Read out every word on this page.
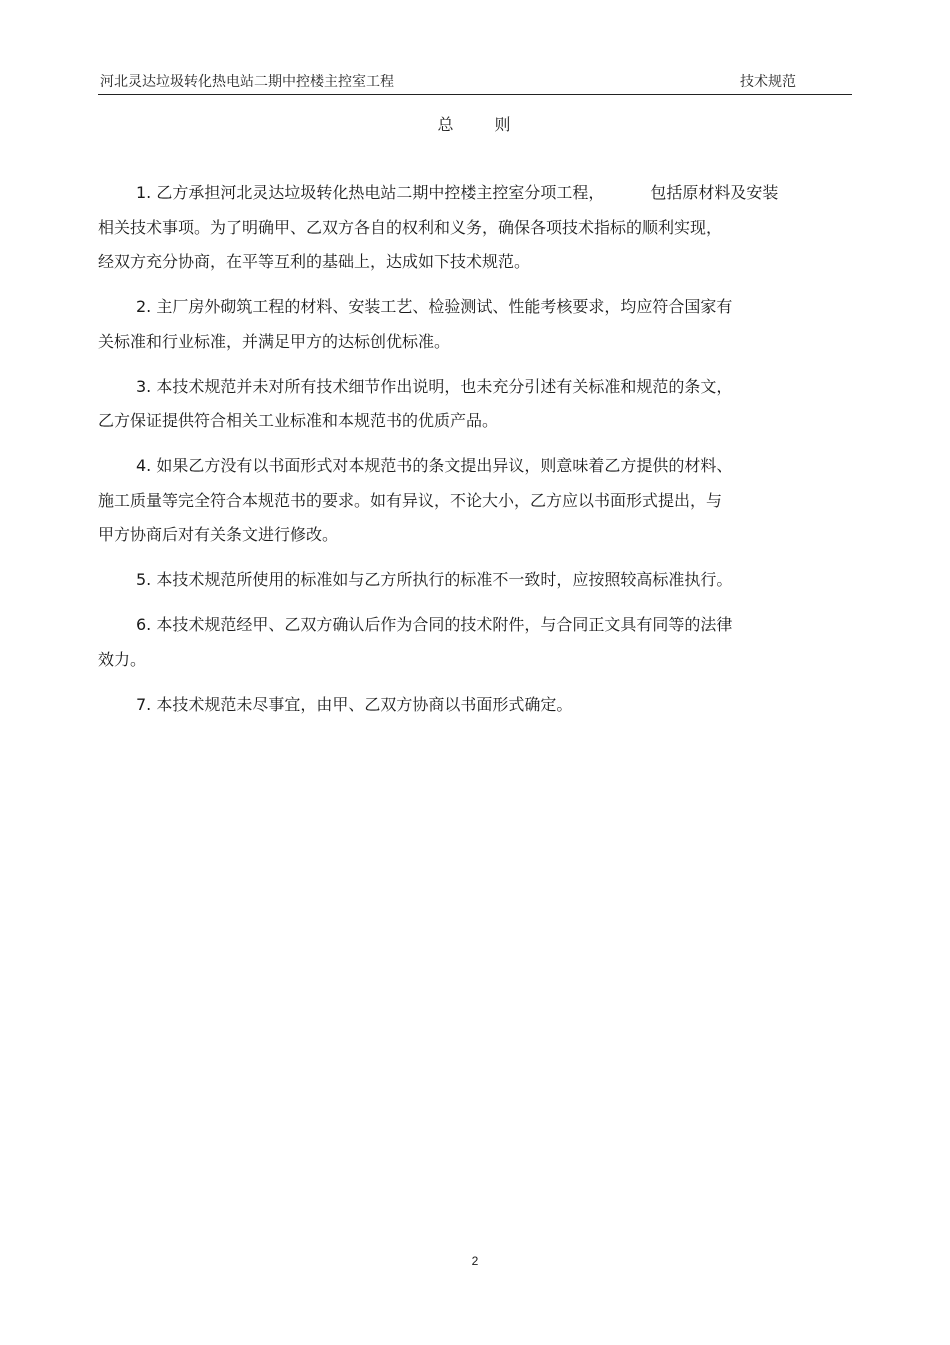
河北灵达垃圾转化热电站二期中控楼主控室工程	技术规范
总 则
1. 乙方承担河北灵达垃圾转化热电站二期中控楼主控室分项工程，	包括原材料及安装
相关技术事项。为了明确甲、乙双方各自的权利和义务，确保各项技术指标的顺利实现，
经双方充分协商，在平等互利的基础上，达成如下技术规范。
2. 主厂房外砌筑工程的材料、安装工艺、检验测试、性能考核要求，均应符合国家有
关标准和行业标准，并满足甲方的达标创优标准。
3. 本技术规范并未对所有技术细节作出说明，也未充分引述有关标准和规范的条文，
乙方保证提供符合相关工业标准和本规范书的优质产品。
4. 如果乙方没有以书面形式对本规范书的条文提出异议，则意味着乙方提供的材料、
施工质量等完全符合本规范书的要求。如有异议，不论大小，乙方应以书面形式提出，与
甲方协商后对有关条文进行修改。
5. 本技术规范所使用的标准如与乙方所执行的标准不一致时，应按照较高标准执行。
6. 本技术规范经甲、乙双方确认后作为合同的技术附件，与合同正文具有同等的法律
效力。
7. 本技术规范未尽事宜，由甲、乙双方协商以书面形式确定。
2
